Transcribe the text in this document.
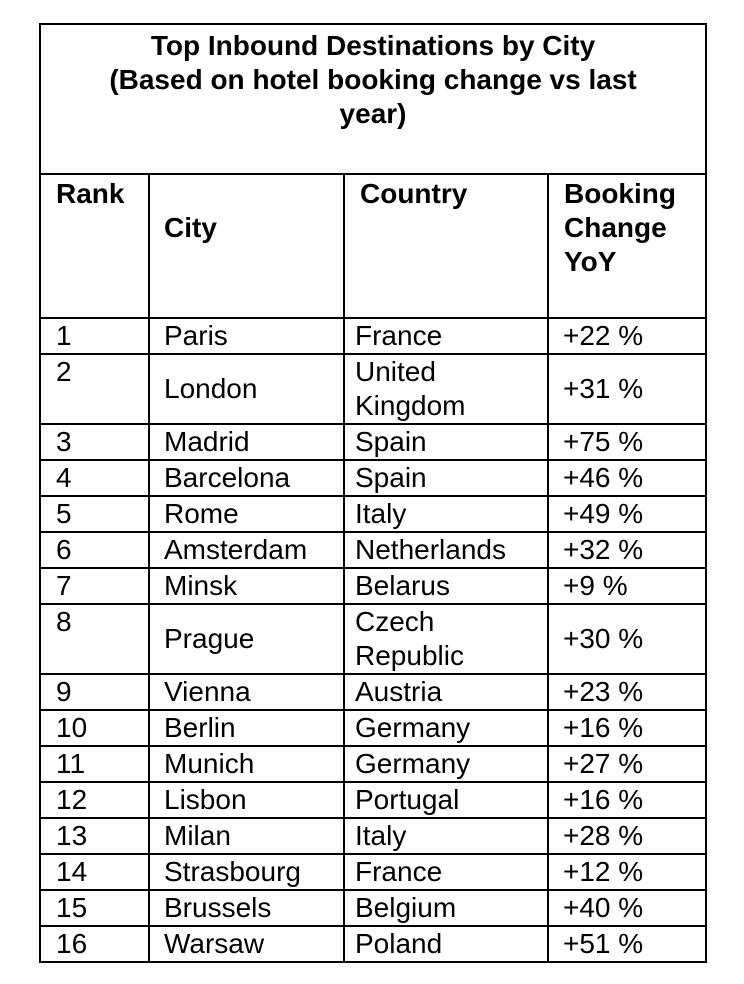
Top Inbound Destinations by City
(Based on hotel booking change vs last
year)			

Rank	City	Country	Booking
Change
YoY

1	Paris	France	+22 %
2	London	United
Kingdom	+31 %
3	Madrid	Spain	+75 %
4	Barcelona	Spain	+46 %
5	Rome	Italy	+49 %
6	Amsterdam	Netherlands	+32 %
7	Minsk	Belarus	+9 %
8	Prague	Czech
Republic	+30 %
9	Vienna	Austria	+23 %
10	Berlin	Germany	+16 %
11	Munich	Germany	+27 %
12	Lisbon	Portugal	+16 %
13	Milan	Italy	+28 %
14	Strasbourg	France	+12 %
15	Brussels	Belgium	+40 %
16	Warsaw	Poland	+51 %
